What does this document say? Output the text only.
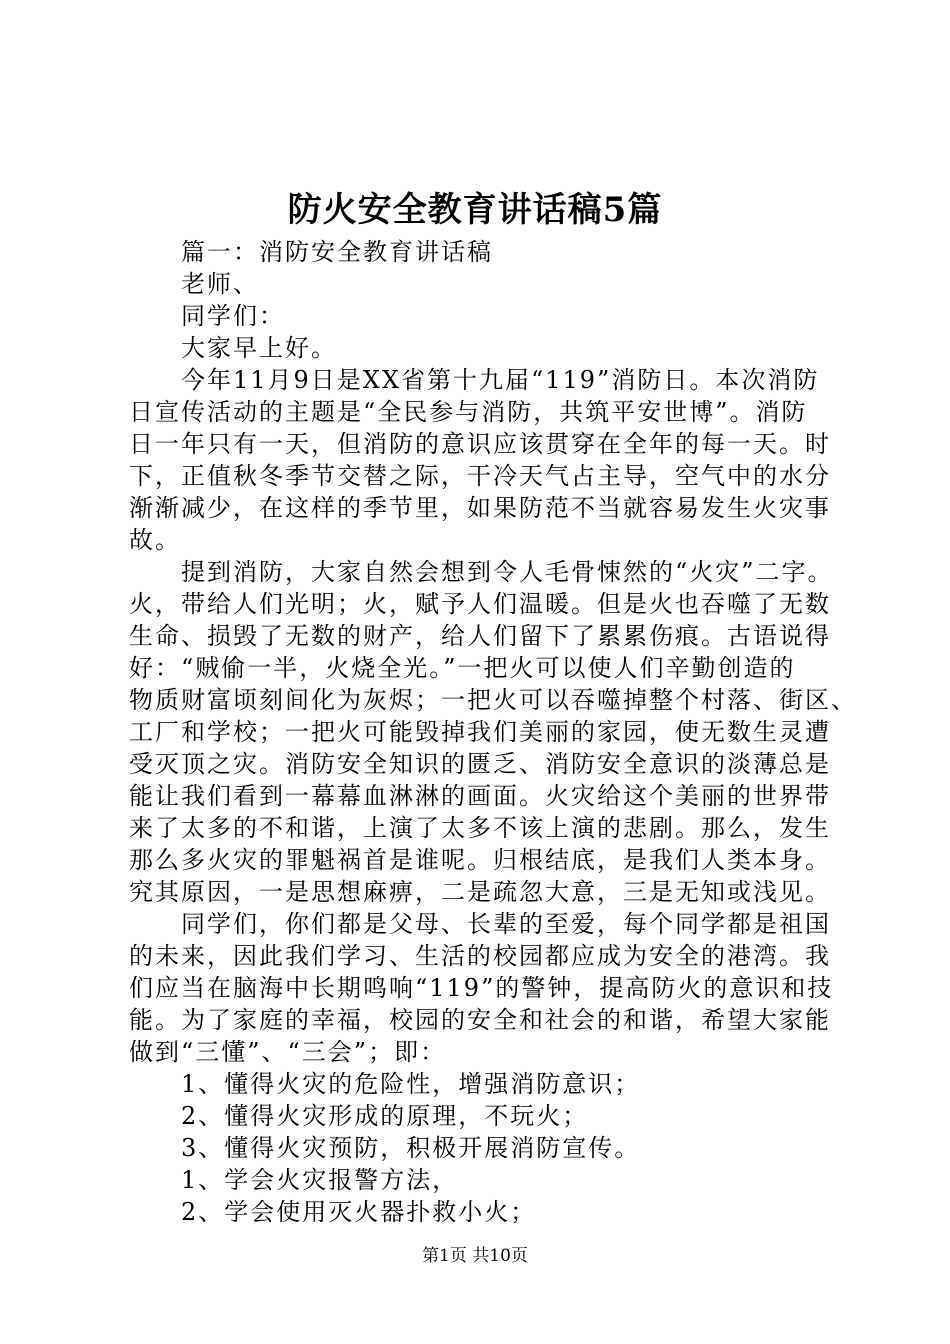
防火安全教育讲话稿5篇

篇一：消防安全教育讲话稿

老师、

同学们：

大家早上好。

今年11月9日是XX省第十九届“119”消防日。本次消防

日宣传活动的主题是“全民参与消防，共筑平安世博”。消防

日一年只有一天，但消防的意识应该贯穿在全年的每一天。时

下，正值秋冬季节交替之际，干冷天气占主导，空气中的水分

渐渐减少，在这样的季节里，如果防范不当就容易发生火灾事

故。

提到消防，大家自然会想到令人毛骨悚然的“火灾”二字。

火，带给人们光明；火，赋予人们温暖。但是火也吞噬了无数

生命、损毁了无数的财产，给人们留下了累累伤痕。古语说得

好：“贼偷一半，火烧全光。”一把火可以使人们辛勤创造的

物质财富顷刻间化为灰烬；一把火可以吞噬掉整个村落、街区、

工厂和学校；一把火可能毁掉我们美丽的家园，使无数生灵遭

受灭顶之灾。消防安全知识的匮乏、消防安全意识的淡薄总是

能让我们看到一幕幕血淋淋的画面。火灾给这个美丽的世界带

来了太多的不和谐，上演了太多不该上演的悲剧。那么，发生

那么多火灾的罪魁祸首是谁呢。归根结底，是我们人类本身。

究其原因，一是思想麻痹，二是疏忽大意，三是无知或浅见。

同学们，你们都是父母、长辈的至爱，每个同学都是祖国

的未来，因此我们学习、生活的校园都应成为安全的港湾。我

们应当在脑海中长期鸣响“119”的警钟，提高防火的意识和技

能。为了家庭的幸福，校园的安全和社会的和谐，希望大家能

做到“三懂”、“三会”；即：

1、懂得火灾的危险性，增强消防意识；

2、懂得火灾形成的原理，不玩火；

3、懂得火灾预防，积极开展消防宣传。

1、学会火灾报警方法，

2、学会使用灭火器扑救小火；

第1页 共10页
